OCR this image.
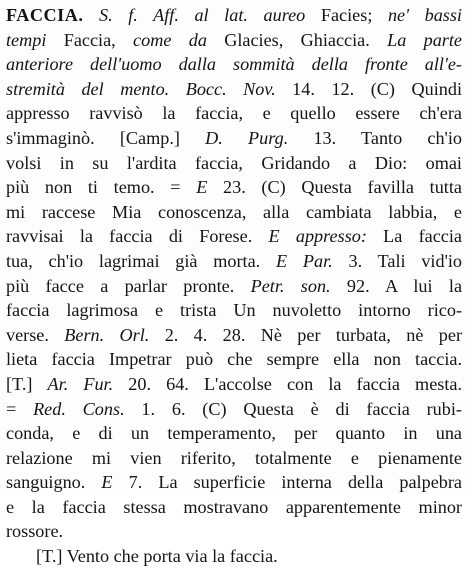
FACCIA. S. f. Aff. al lat. aureo Facies; ne' bassi
tempi Faccia, come da Glacies, Ghiaccia. La parte
anteriore dell'uomo dalla sommità della fronte all'e-
stremità del mento. Bocc. Nov. 14. 12. (C) Quindi
appresso ravvisò la faccia, e quello essere ch'era
s'immaginò. [Camp.] D. Purg. 13. Tanto ch'io
volsi in su l'ardita faccia, Gridando a Dio: omai
più non ti temo. = E 23. (C) Questa favilla tutta
mi raccese Mia conoscenza, alla cambiata labbia, e
ravvisai la faccia di Forese. E appresso: La faccia
tua, ch'io lagrimai già morta. E Par. 3. Tali vid'io
più facce a parlar pronte. Petr. son. 92. A lui la
faccia lagrimosa e trista Un nuvoletto intorno rico-
verse. Bern. Orl. 2. 4. 28. Nè per turbata, nè per
lieta faccia Impetrar può che sempre ella non taccia.
[T.] Ar. Fur. 20. 64. L'accolse con la faccia mesta.
= Red. Cons. 1. 6. (C) Questa è di faccia rubi-
conda, e di un temperamento, per quanto in una
relazione mi vien riferito, totalmente e pienamente
sanguigno. E 7. La superficie interna della palpebra
e la faccia stessa mostravano apparentemente minor
rossore.
[T.] Vento che porta via la faccia.
